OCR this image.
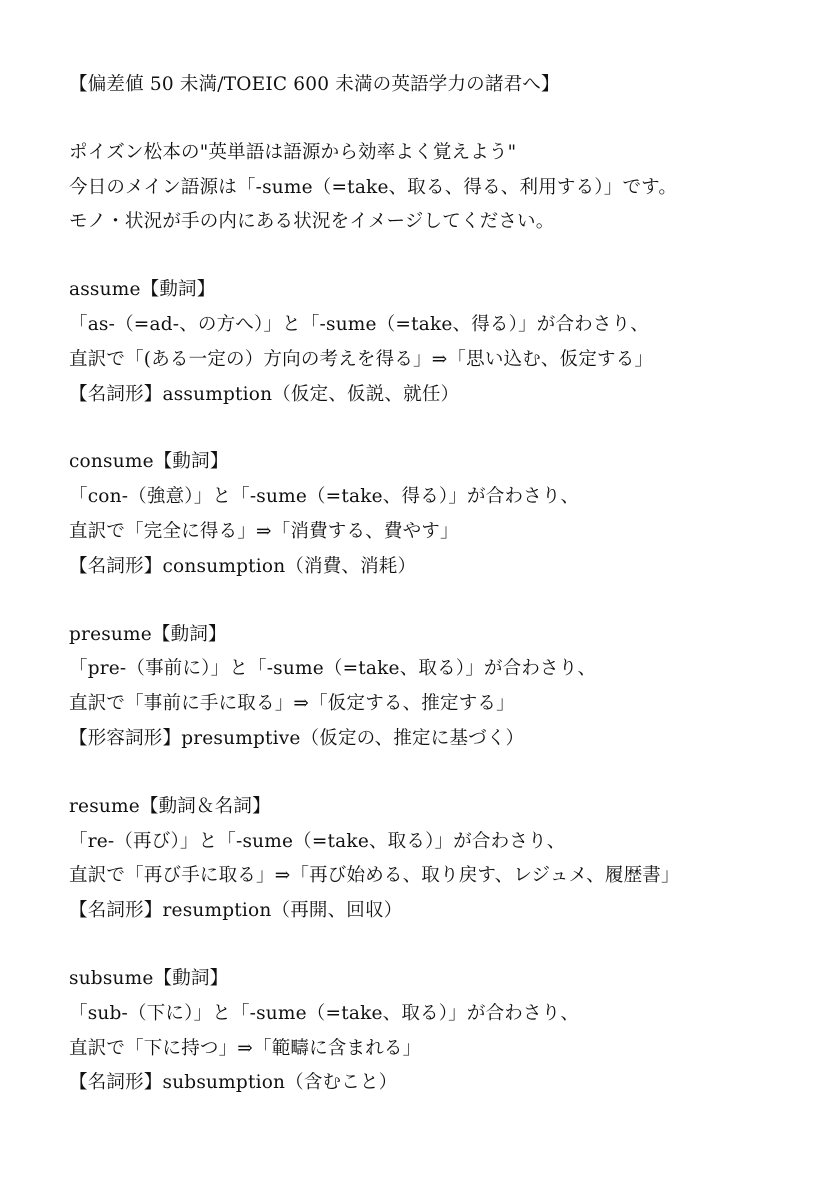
【偏差値 50 未満/TOEIC 600 未満の英語学力の諸君へ】
ポイズン松本の"英単語は語源から効率よく覚えよう"
今日のメイン語源は「-sume（=take、取る、得る、利用する）」です。
モノ・状況が手の内にある状況をイメージしてください。
assume【動詞】
「as-（=ad-、の方へ）」と「-sume（=take、得る）」が合わさり、
直訳で「(ある一定の）方向の考えを得る」⇒「思い込む、仮定する」
【名詞形】assumption（仮定、仮説、就任）
consume【動詞】
「con-（強意）」と「-sume（=take、得る）」が合わさり、
直訳で「完全に得る」⇒「消費する、費やす」
【名詞形】consumption（消費、消耗）
presume【動詞】
「pre-（事前に）」と「-sume（=take、取る）」が合わさり、
直訳で「事前に手に取る」⇒「仮定する、推定する」
【形容詞形】presumptive（仮定の、推定に基づく）
resume【動詞＆名詞】
「re-（再び）」と「-sume（=take、取る）」が合わさり、
直訳で「再び手に取る」⇒「再び始める、取り戻す、レジュメ、履歴書」
【名詞形】resumption（再開、回収）
subsume【動詞】
「sub-（下に）」と「-sume（=take、取る）」が合わさり、
直訳で「下に持つ」⇒「範疇に含まれる」
【名詞形】subsumption（含むこと）
